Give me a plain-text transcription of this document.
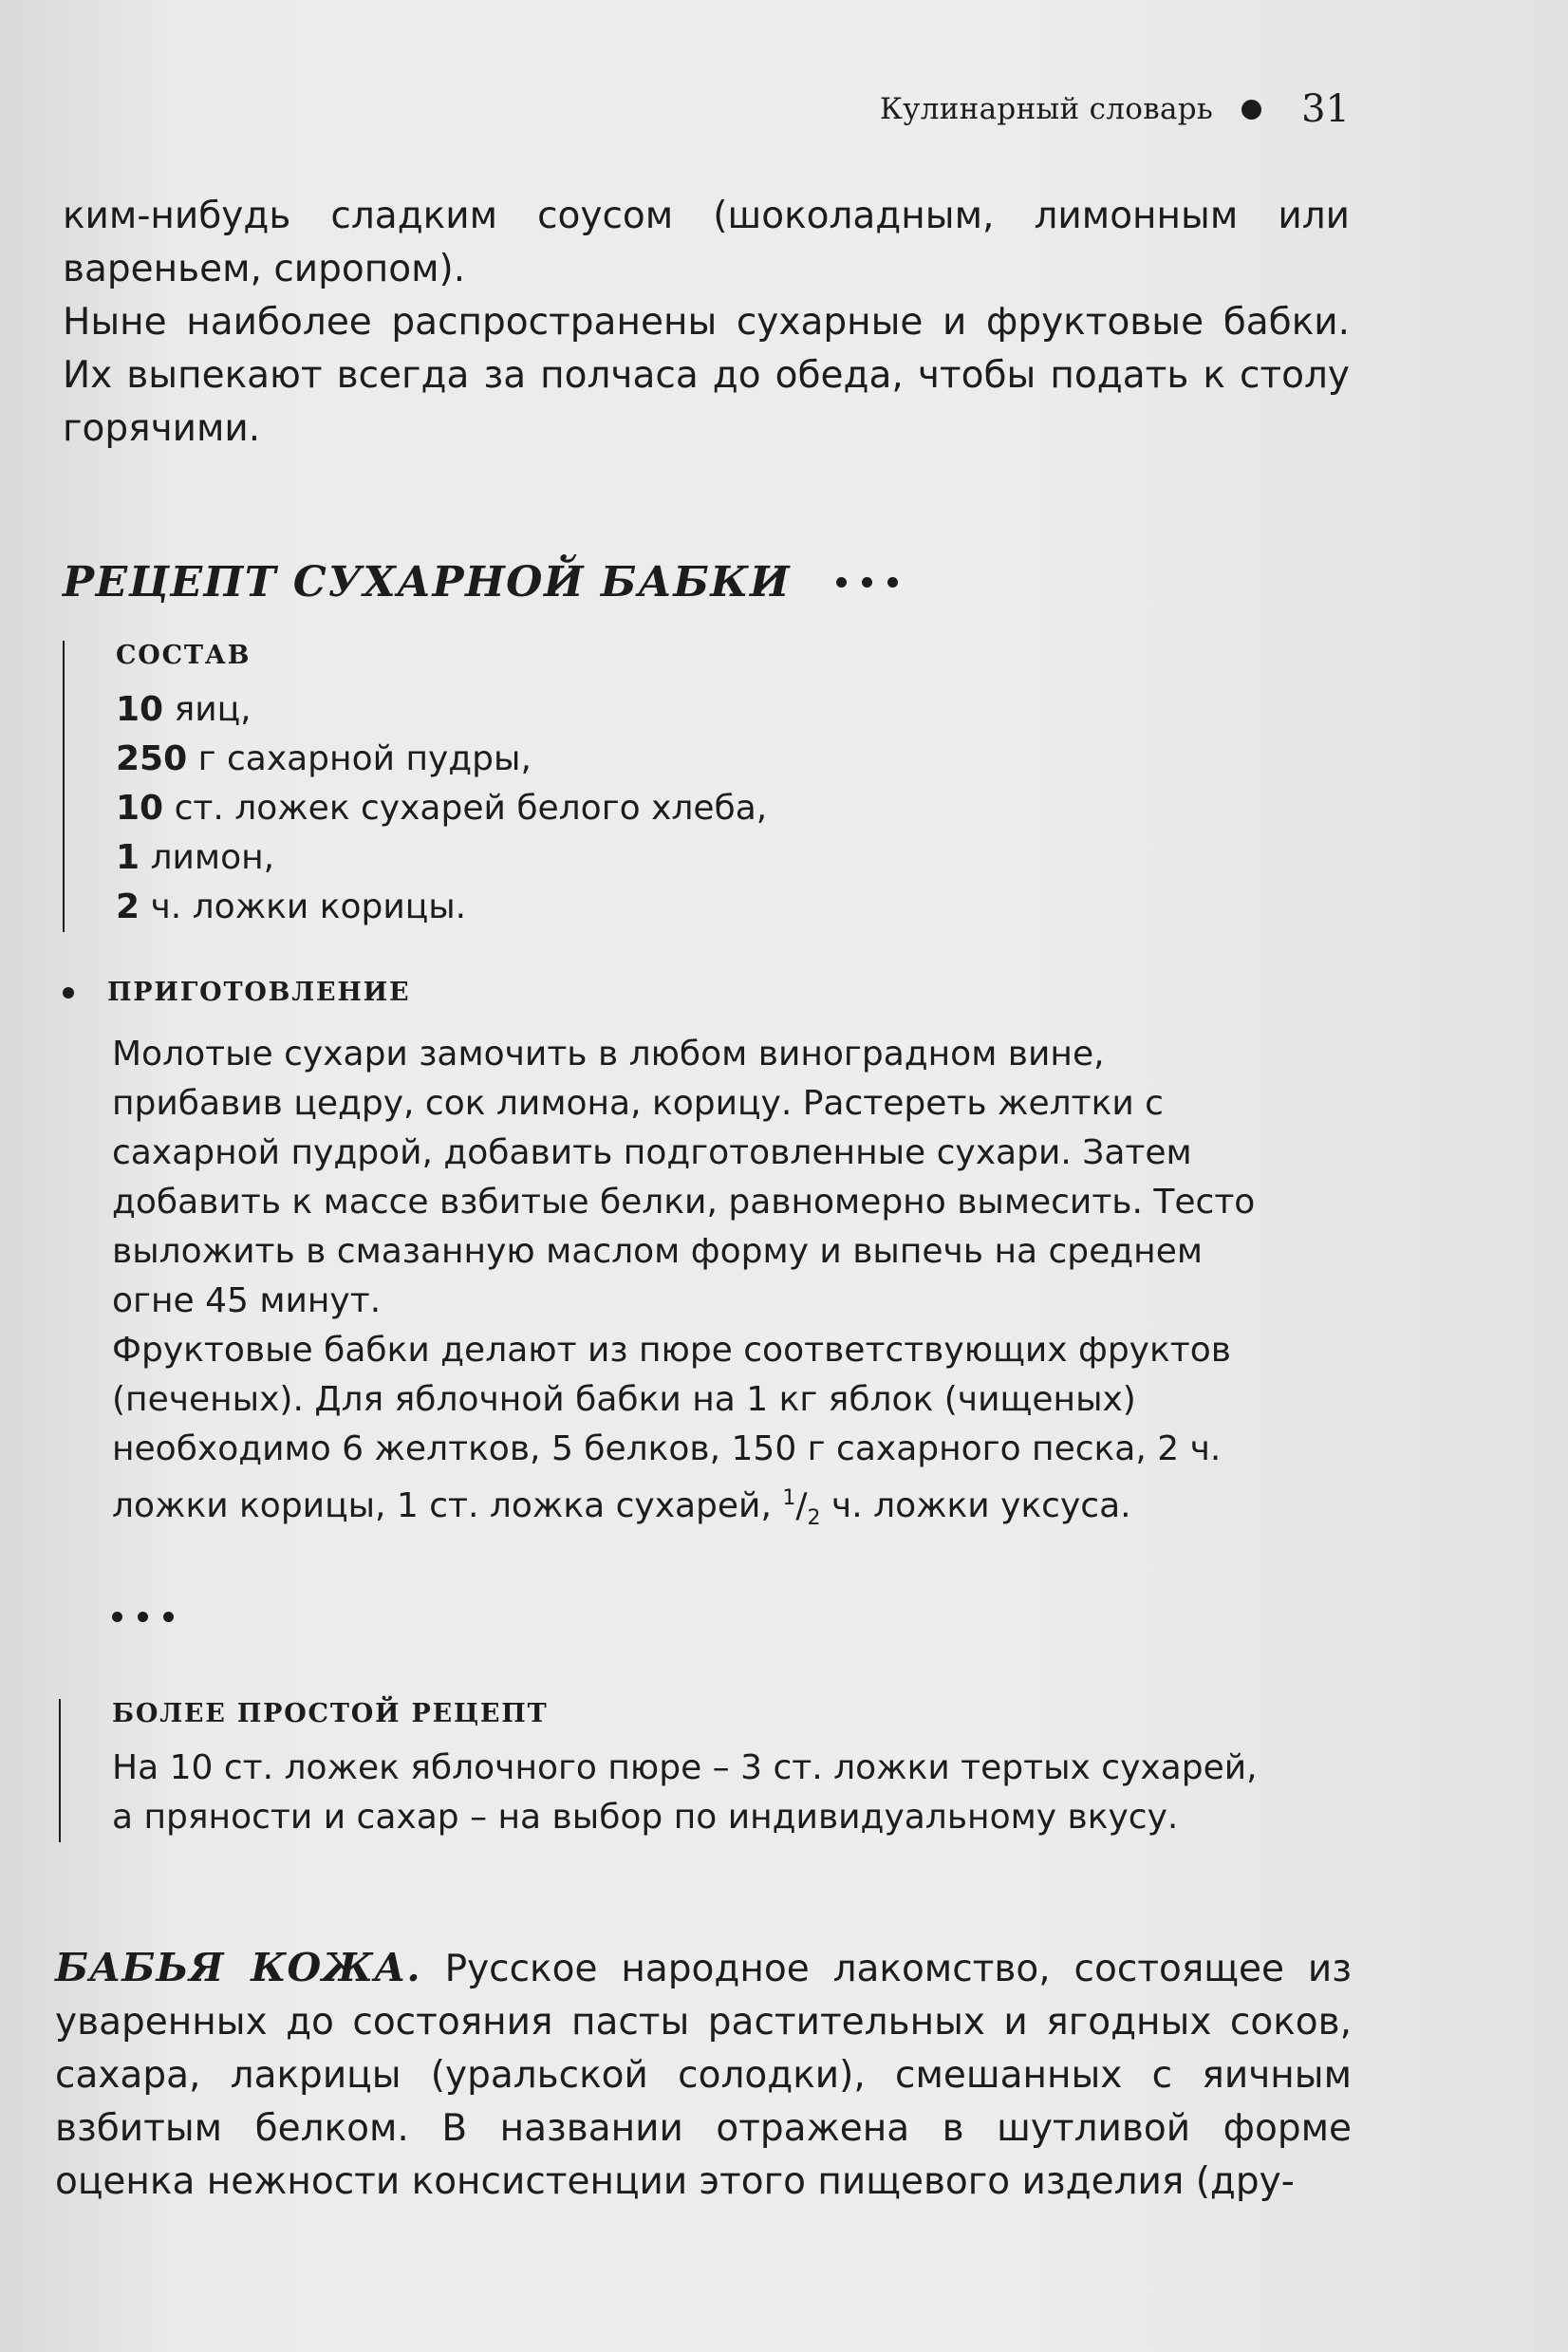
Кулинарный словарь 31

ким-нибудь сладким соусом (шоколадным, лимонным или вареньем, сиропом).

Ныне наиболее распространены сухарные и фруктовые бабки. Их выпекают всегда за полчаса до обеда, чтобы подать к столу горячими.

РЕЦЕПТ СУХАРНОЙ БАБКИ
СОСТАВ
10 яиц,
250 г сахарной пудры,
10 ст. ложек сухарей белого хлеба,
1 лимон,
2 ч. ложки корицы.
ПРИГОТОВЛЕНИЕ

Молотые сухари замочить в любом виноградном вине, прибавив цедру, сок лимона, корицу. Растереть желтки с сахарной пудрой, добавить подготовленные сухари. Затем добавить к массе взбитые белки, равномерно вымесить. Тесто выложить в смазанную маслом форму и выпечь на среднем огне 45 минут.

Фруктовые бабки делают из пюре соответствующих фруктов (печеных). Для яблочной бабки на 1 кг яблок (чищеных) необходимо 6 желтков, 5 белков, 150 г сахарного песка, 2 ч. ложки корицы, 1 ст. ложка сухарей, $^1/_2$ ч. ложки уксуса.

БОЛЕЕ ПРОСТОЙ РЕЦЕПТ

На 10 ст. ложек яблочного пюре – 3 ст. ложки тертых сухарей, а пряности и сахар – на выбор по индивидуальному вкусу.

БАБЬЯ КОЖА. Русское народное лакомство, состоящее из уваренных до состояния пасты растительных и ягодных соков, сахара, лакрицы (уральской солодки), смешанных с яичным взбитым белком. В названии отражена в шутливой форме оценка нежности консистенции этого пищевого изделия (дру-
